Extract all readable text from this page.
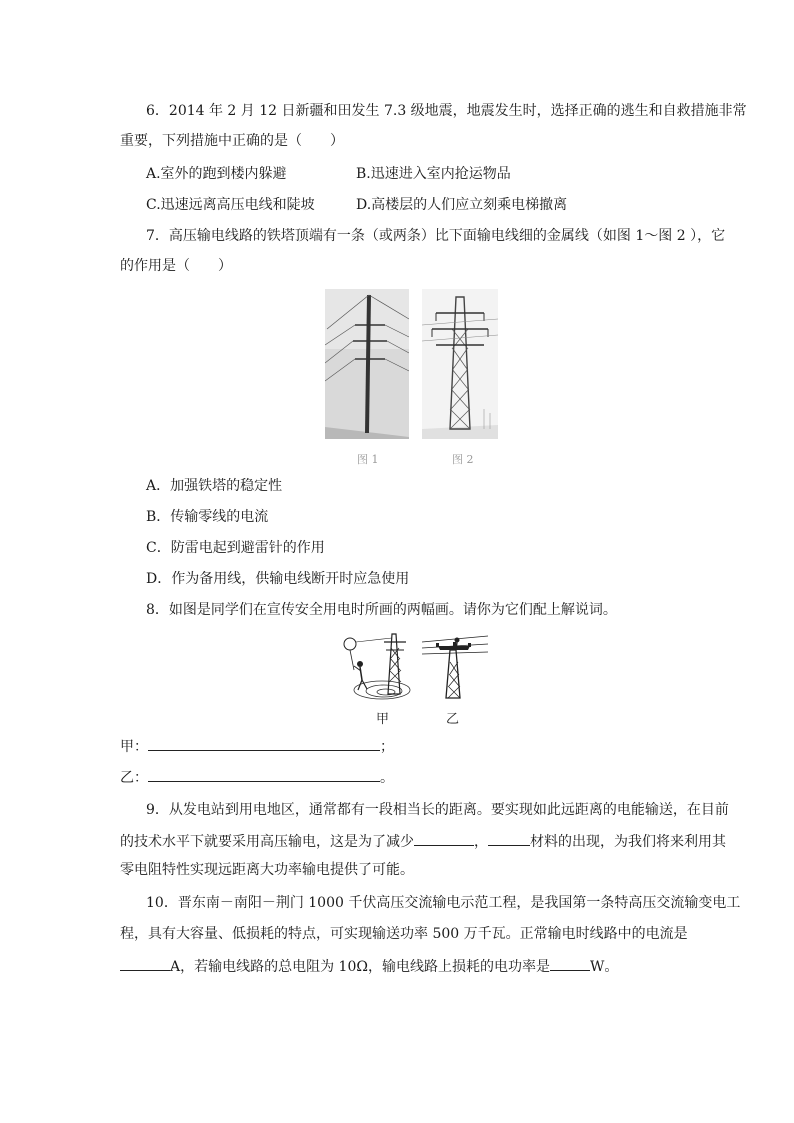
6．2014 年 2 月 12 日新疆和田发生 7.3 级地震，地震发生时，选择正确的逃生和自救措施非常
重要，下列措施中正确的是（　　）
A.室外的跑到楼内躲避	B.迅速进入室内抢运物品
C.迅速远离高压电线和陡坡	D.高楼层的人们应立刻乘电梯撤离
7．高压输电线路的铁塔顶端有一条（或两条）比下面输电线细的金属线（如图 1～图 2 ），它
的作用是（　　）
图 1	图 2
A．加强铁塔的稳定性
B．传输零线的电流
C．防雷电起到避雷针的作用
D．作为备用线，供输电线断开时应急使用
8．如图是同学们在宣传安全用电时所画的两幅画。请你为它们配上解说词。
甲	乙
甲：	；
乙：	。
9．从发电站到用电地区，通常都有一段相当长的距离。要实现如此远距离的电能输送，在目前
的技术水平下就要采用高压输电，这是为了减少	，	材料的出现，为我们将来利用其
零电阻特性实现远距离大功率输电提供了可能。
10．晋东南－南阳－荆门 1000 千伏高压交流输电示范工程，是我国第一条特高压交流输变电工
程，具有大容量、低损耗的特点，可实现输送功率 500 万千瓦。正常输电时线路中的电流是
A，若输电线路的总电阻为 10Ω，输电线路上损耗的电功率是	W。
